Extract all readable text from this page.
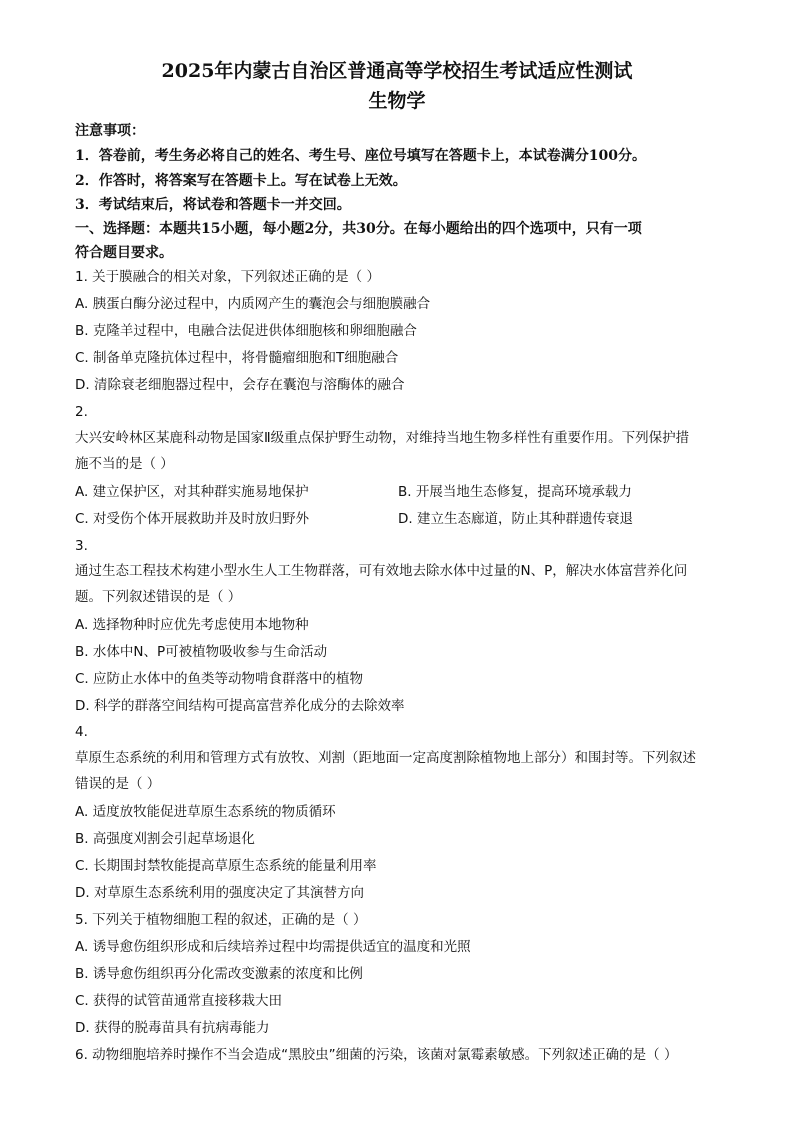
2025年内蒙古自治区普通高等学校招生考试适应性测试
生物学
注意事项：
1．答卷前，考生务必将自己的姓名、考生号、座位号填写在答题卡上，本试卷满分100分。
2．作答时，将答案写在答题卡上。写在试卷上无效。
3．考试结束后，将试卷和答题卡一并交回。
一、选择题：本题共15小题，每小题2分，共30分。在每小题给出的四个选项中，只有一项
符合题目要求。
1. 关于膜融合的相关对象，下列叙述正确的是（ ）
A. 胰蛋白酶分泌过程中，内质网产生的囊泡会与细胞膜融合
B. 克隆羊过程中，电融合法促进供体细胞核和卵细胞融合
C. 制备单克隆抗体过程中，将骨髓瘤细胞和T细胞融合
D. 清除衰老细胞器过程中，会存在囊泡与溶酶体的融合
2.
大兴安岭林区某鹿科动物是国家Ⅱ级重点保护野生动物，对维持当地生物多样性有重要作用。下列保护措
施不当的是（ ）
A. 建立保护区，对其种群实施易地保护	B. 开展当地生态修复，提高环境承载力
C. 对受伤个体开展救助并及时放归野外	D. 建立生态廊道，防止其种群遗传衰退
3.
通过生态工程技术构建小型水生人工生物群落，可有效地去除水体中过量的N、P，解决水体富营养化问
题。下列叙述错误的是（ ）
A. 选择物种时应优先考虑使用本地物种
B. 水体中N、P可被植物吸收参与生命活动
C. 应防止水体中的鱼类等动物啃食群落中的植物
D. 科学的群落空间结构可提高富营养化成分的去除效率
4.
草原生态系统的利用和管理方式有放牧、刈割（距地面一定高度割除植物地上部分）和围封等。下列叙述
错误的是（ ）
A. 适度放牧能促进草原生态系统的物质循环
B. 高强度刈割会引起草场退化
C. 长期围封禁牧能提高草原生态系统的能量利用率
D. 对草原生态系统利用的强度决定了其演替方向
5. 下列关于植物细胞工程的叙述，正确的是（ ）
A. 诱导愈伤组织形成和后续培养过程中均需提供适宜的温度和光照
B. 诱导愈伤组织再分化需改变激素的浓度和比例
C. 获得的试管苗通常直接移栽大田
D. 获得的脱毒苗具有抗病毒能力
6. 动物细胞培养时操作不当会造成“黑胶虫”细菌的污染，该菌对氯霉素敏感。下列叙述正确的是（ ）
